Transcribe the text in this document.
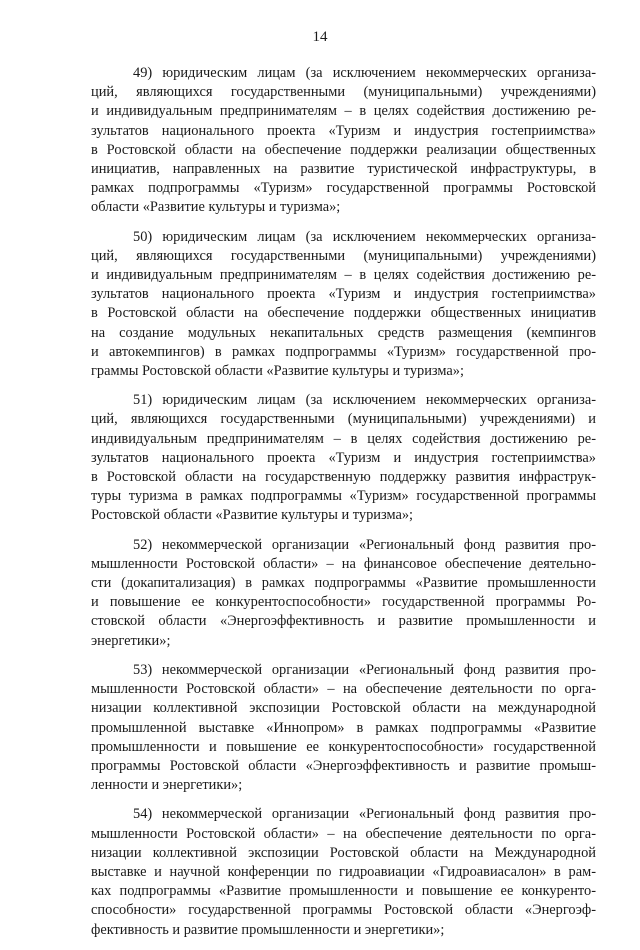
14
49) юридическим лицам (за исключением некоммерческих организа-
ций, являющихся государственными (муниципальными) учреждениями)
и индивидуальным предпринимателям – в целях содействия достижению ре-
зультатов национального проекта «Туризм и индустрия гостеприимства»
в Ростовской области на обеспечение поддержки реализации общественных
инициатив, направленных на развитие туристической инфраструктуры, в
рамках подпрограммы «Туризм» государственной программы Ростовской
области «Развитие культуры и туризма»;
50) юридическим лицам (за исключением некоммерческих организа-
ций, являющихся государственными (муниципальными) учреждениями)
и индивидуальным предпринимателям – в целях содействия достижению ре-
зультатов национального проекта «Туризм и индустрия гостеприимства»
в Ростовской области на обеспечение поддержки общественных инициатив
на создание модульных некапитальных средств размещения (кемпингов
и автокемпингов) в рамках подпрограммы «Туризм» государственной про-
граммы Ростовской области «Развитие культуры и туризма»;
51) юридическим лицам (за исключением некоммерческих организа-
ций, являющихся государственными (муниципальными) учреждениями) и
индивидуальным предпринимателям – в целях содействия достижению ре-
зультатов национального проекта «Туризм и индустрия гостеприимства»
в Ростовской области на государственную поддержку развития инфраструк-
туры туризма в рамках подпрограммы «Туризм» государственной программы
Ростовской области «Развитие культуры и туризма»;
52) некоммерческой организации «Региональный фонд развития про-
мышленности Ростовской области» – на финансовое обеспечение деятельно-
сти (докапитализация) в рамках подпрограммы «Развитие промышленности
и повышение ее конкурентоспособности» государственной программы Ро-
стовской области «Энергоэффективность и развитие промышленности и
энергетики»;
53) некоммерческой организации «Региональный фонд развития про-
мышленности Ростовской области» – на обеспечение деятельности по орга-
низации коллективной экспозиции Ростовской области на международной
промышленной выставке «Иннопром» в рамках подпрограммы «Развитие
промышленности и повышение ее конкурентоспособности» государственной
программы Ростовской области «Энергоэффективность и развитие промыш-
ленности и энергетики»;
54) некоммерческой организации «Региональный фонд развития про-
мышленности Ростовской области» – на обеспечение деятельности по орга-
низации коллективной экспозиции Ростовской области на Международной
выставке и научной конференции по гидроавиации «Гидроавиасалон» в рам-
ках подпрограммы «Развитие промышленности и повышение ее конкуренто-
способности» государственной программы Ростовской области «Энергоэф-
фективность и развитие промышленности и энергетики»;
